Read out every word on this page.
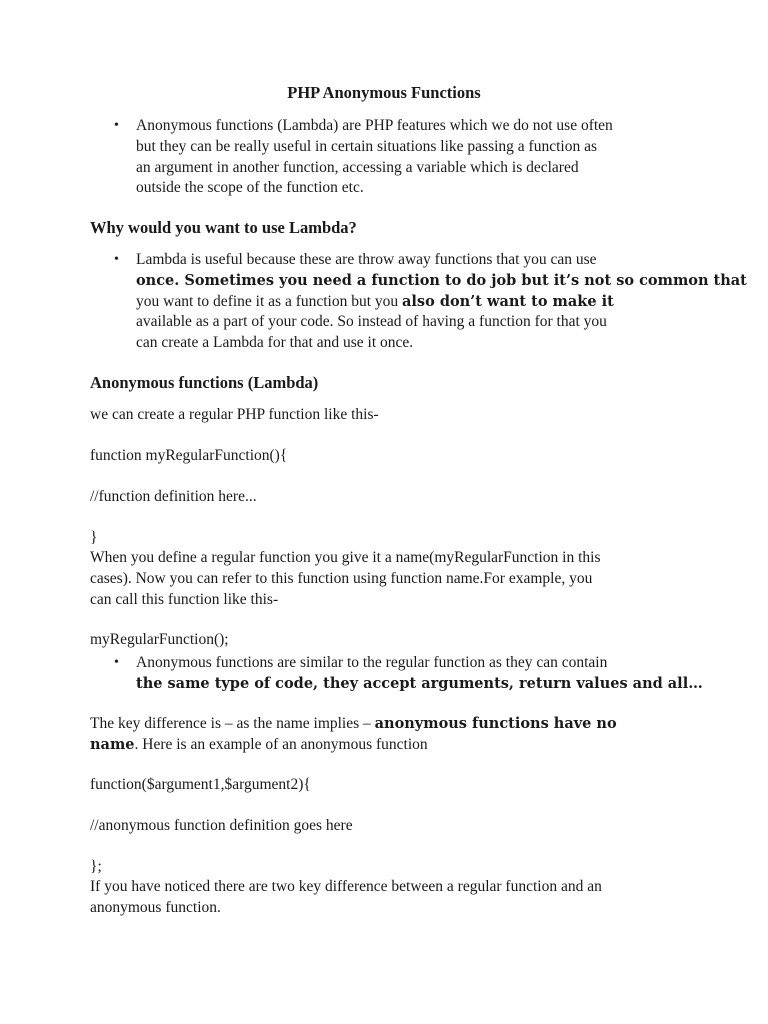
PHP Anonymous Functions
• Anonymous functions (Lambda) are PHP features which we do not use often
but they can be really useful in certain situations like passing a function as
an argument in another function, accessing a variable which is declared
outside the scope of the function etc.
Why would you want to use Lambda?
• Lambda is useful because these are throw away functions that you can use
once. Sometimes you need a function to do job but it’s not so common that
you want to define it as a function but you also don’t want to make it
available as a part of your code. So instead of having a function for that you
can create a Lambda for that and use it once.
Anonymous functions (Lambda)

we can create a regular PHP function like this-

function myRegularFunction(){

//function definition here...

}

When you define a regular function you give it a name(myRegularFunction in this
cases). Now you can refer to this function using function name.For example, you
can call this function like this-

myRegularFunction();

• Anonymous functions are similar to the regular function as they can contain
the same type of code, they accept arguments, return values and all…
The key difference is – as the name implies – anonymous functions have no
name. Here is an example of an anonymous function

function($argument1,$argument2){

//anonymous function definition goes here

};

If you have noticed there are two key difference between a regular function and an
anonymous function.
